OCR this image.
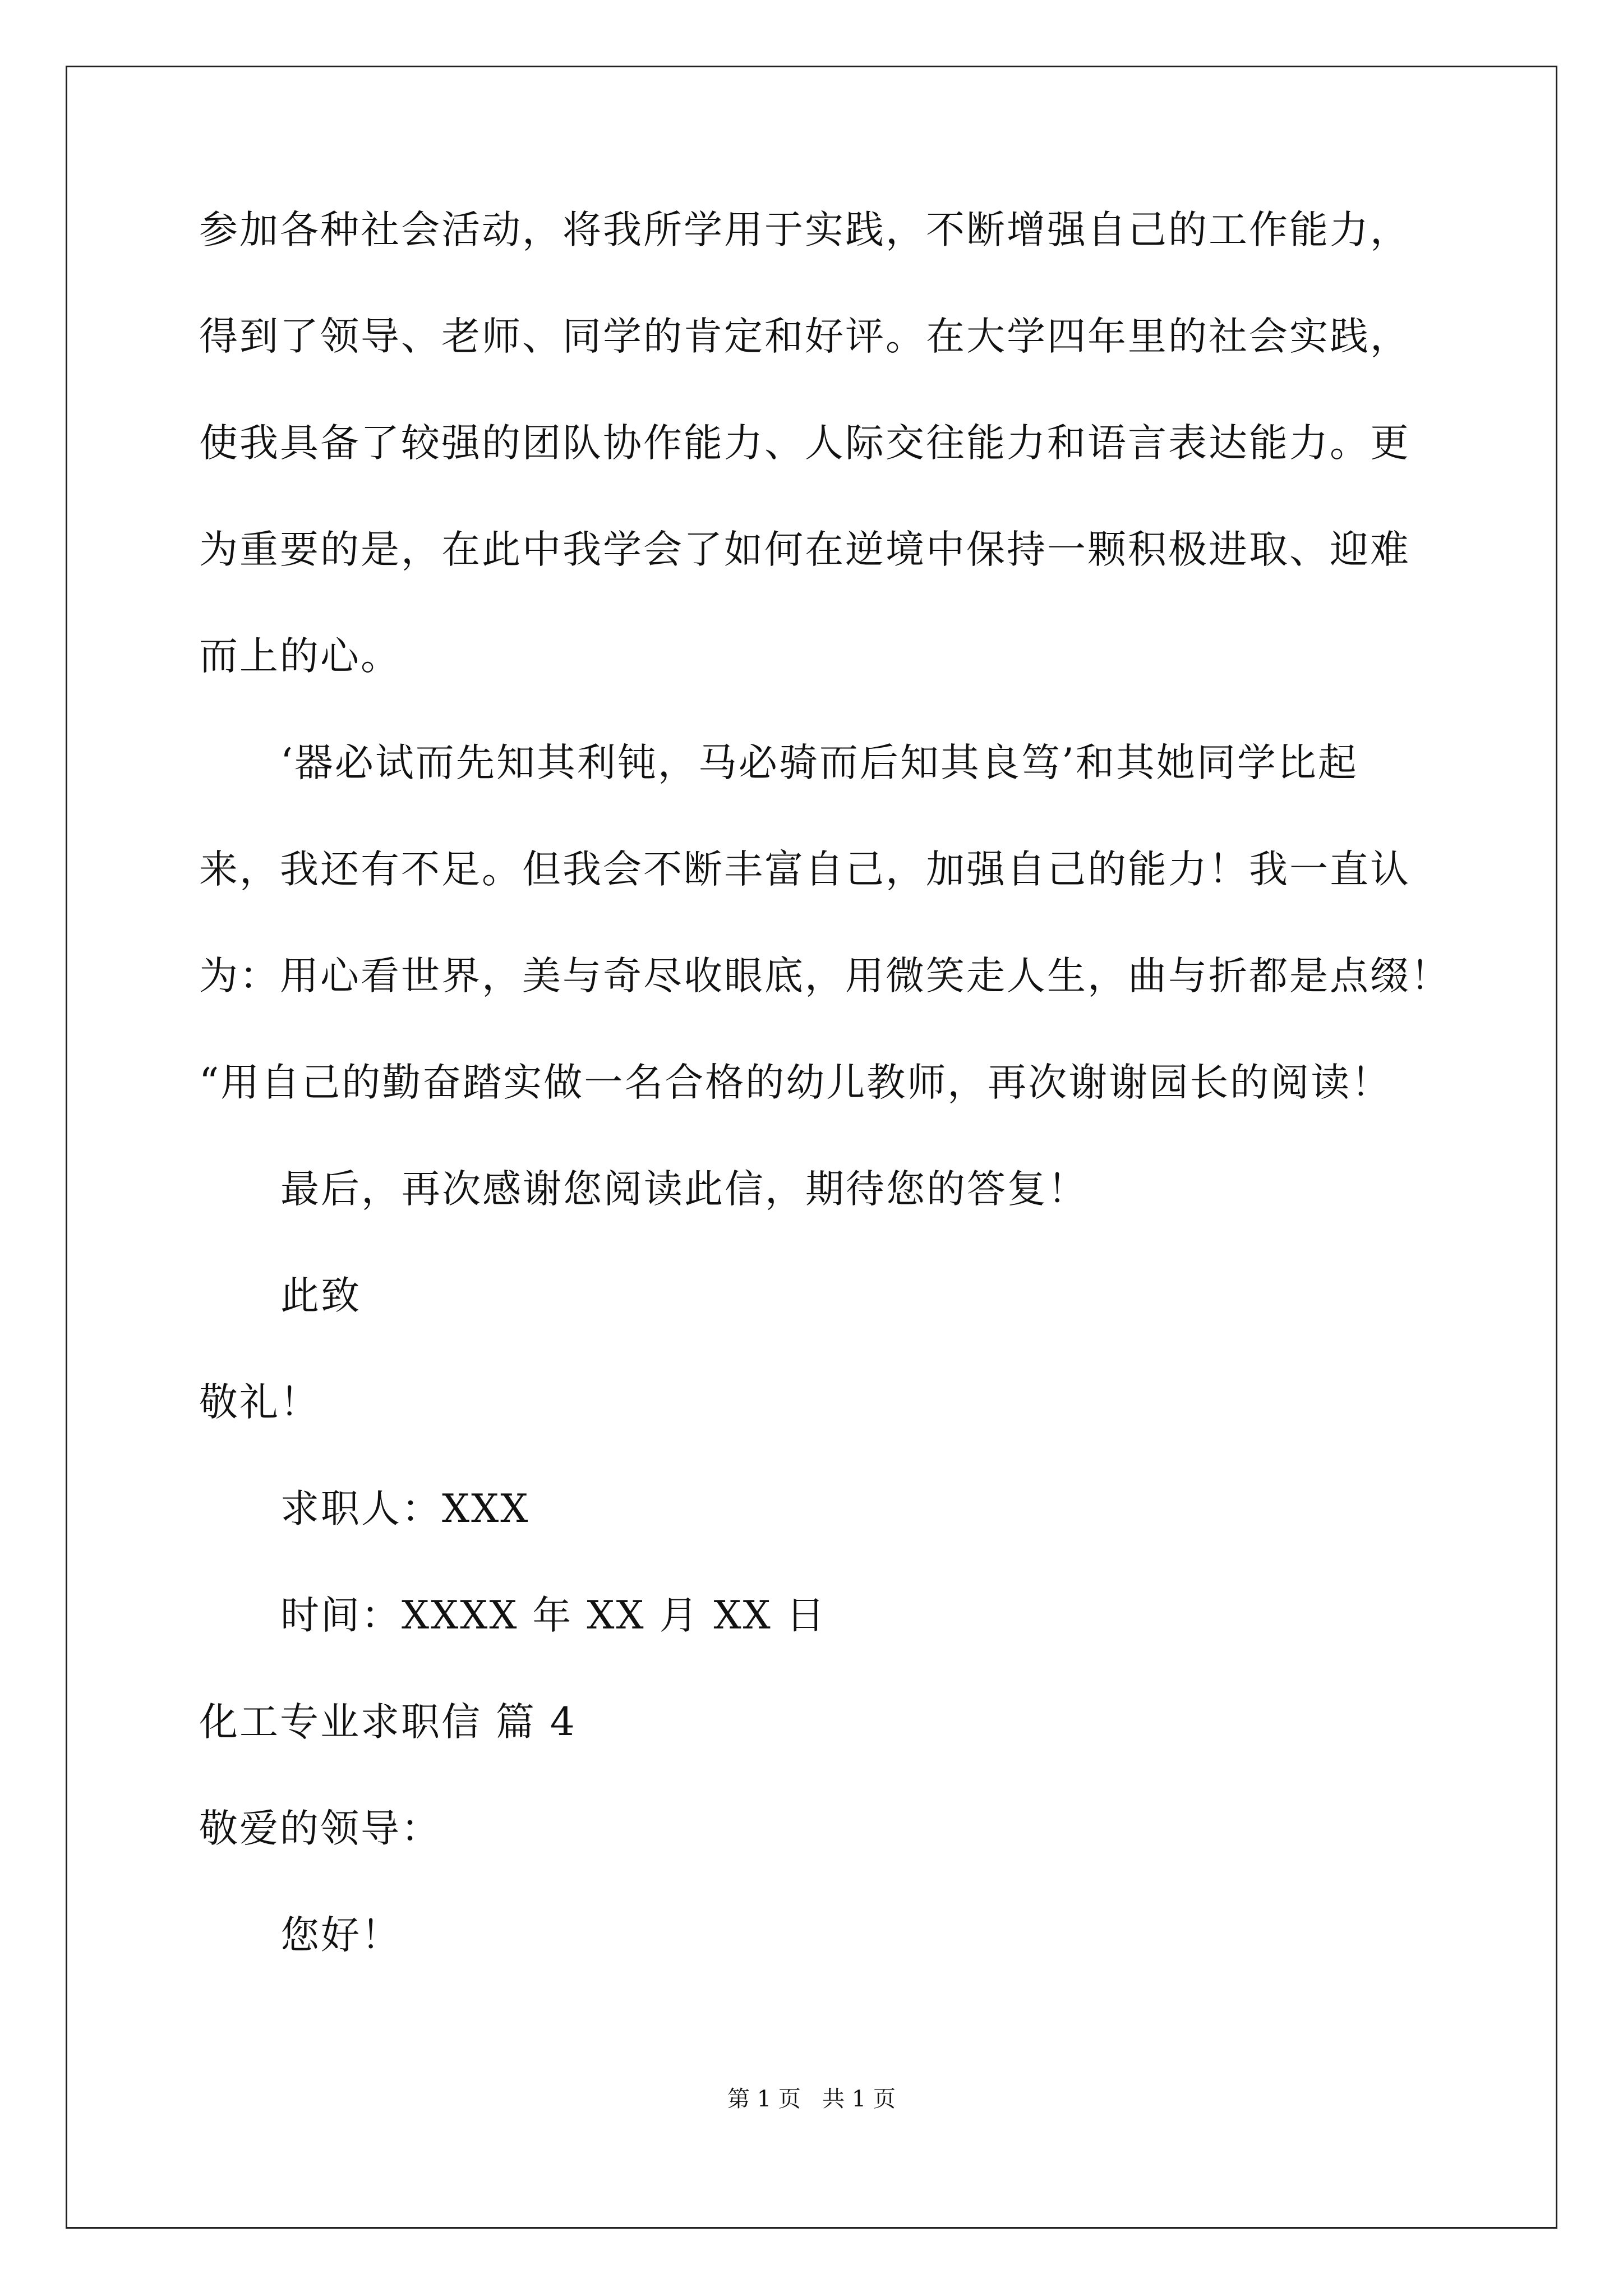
参加各种社会活动，将我所学用于实践，不断增强自己的工作能力，
得到了领导、老师、同学的肯定和好评。在大学四年里的社会实践，
使我具备了较强的团队协作能力、人际交往能力和语言表达能力。更
为重要的是，在此中我学会了如何在逆境中保持一颗积极进取、迎难
而上的心。
‘器必试而先知其利钝，马必骑而后知其良笃’和其她同学比起
来，我还有不足。但我会不断丰富自己，加强自己的能力！我一直认
为：用心看世界，美与奇尽收眼底，用微笑走人生，曲与折都是点缀！
“用自己的勤奋踏实做一名合格的幼儿教师，再次谢谢园长的阅读！
最后，再次感谢您阅读此信，期待您的答复！
此致
敬礼！
求职人：XXX
时间：XXXX 年 XX 月 XX 日
化工专业求职信 篇 4
敬爱的领导：
您好！
第 1 页   共 1 页
